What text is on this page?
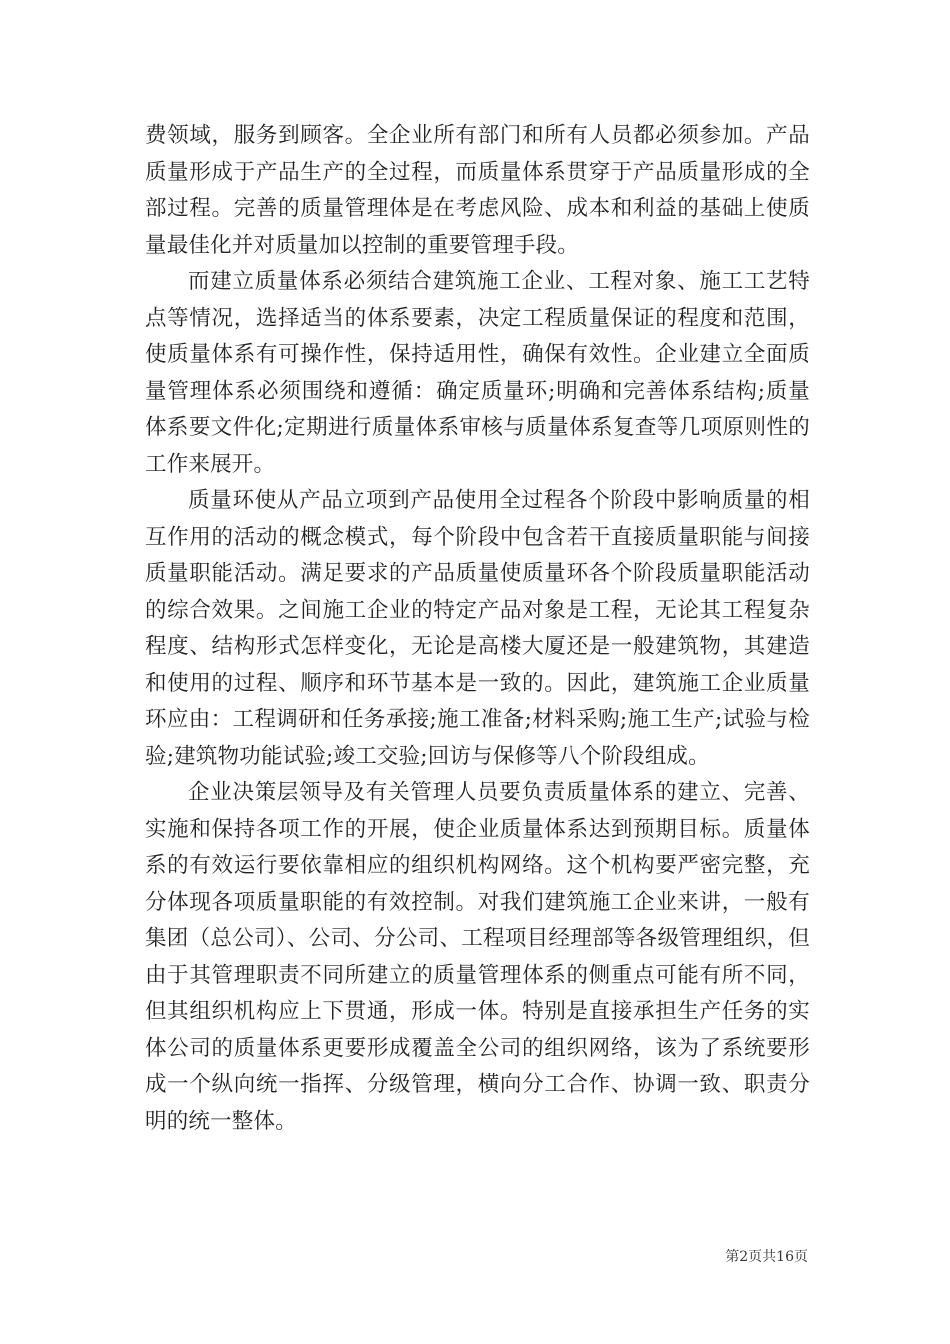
费领域，服务到顾客。全企业所有部门和所有人员都必须参加。产品质量形成于产品生产的全过程，而质量体系贯穿于产品质量形成的全部过程。完善的质量管理体是在考虑风险、成本和利益的基础上使质量最佳化并对质量加以控制的重要管理手段。

而建立质量体系必须结合建筑施工企业、工程对象、施工工艺特点等情况，选择适当的体系要素，决定工程质量保证的程度和范围，使质量体系有可操作性，保持适用性，确保有效性。企业建立全面质量管理体系必须围绕和遵循：确定质量环;明确和完善体系结构;质量体系要文件化;定期进行质量体系审核与质量体系复查等几项原则性的工作来展开。

质量环使从产品立项到产品使用全过程各个阶段中影响质量的相互作用的活动的概念模式，每个阶段中包含若干直接质量职能与间接质量职能活动。满足要求的产品质量使质量环各个阶段质量职能活动的综合效果。之间施工企业的特定产品对象是工程，无论其工程复杂程度、结构形式怎样变化，无论是高楼大厦还是一般建筑物，其建造和使用的过程、顺序和环节基本是一致的。因此，建筑施工企业质量环应由：工程调研和任务承接;施工准备;材料采购;施工生产;试验与检验;建筑物功能试验;竣工交验;回访与保修等八个阶段组成。

企业决策层领导及有关管理人员要负责质量体系的建立、完善、实施和保持各项工作的开展，使企业质量体系达到预期目标。质量体系的有效运行要依靠相应的组织机构网络。这个机构要严密完整，充分体现各项质量职能的有效控制。对我们建筑施工企业来讲，一般有集团（总公司）、公司、分公司、工程项目经理部等各级管理组织，但由于其管理职责不同所建立的质量管理体系的侧重点可能有所不同，但其组织机构应上下贯通，形成一体。特别是直接承担生产任务的实体公司的质量体系更要形成覆盖全公司的组织网络，该为了系统要形成一个纵向统一指挥、分级管理，横向分工合作、协调一致、职责分明的统一整体。

第2页共16页
